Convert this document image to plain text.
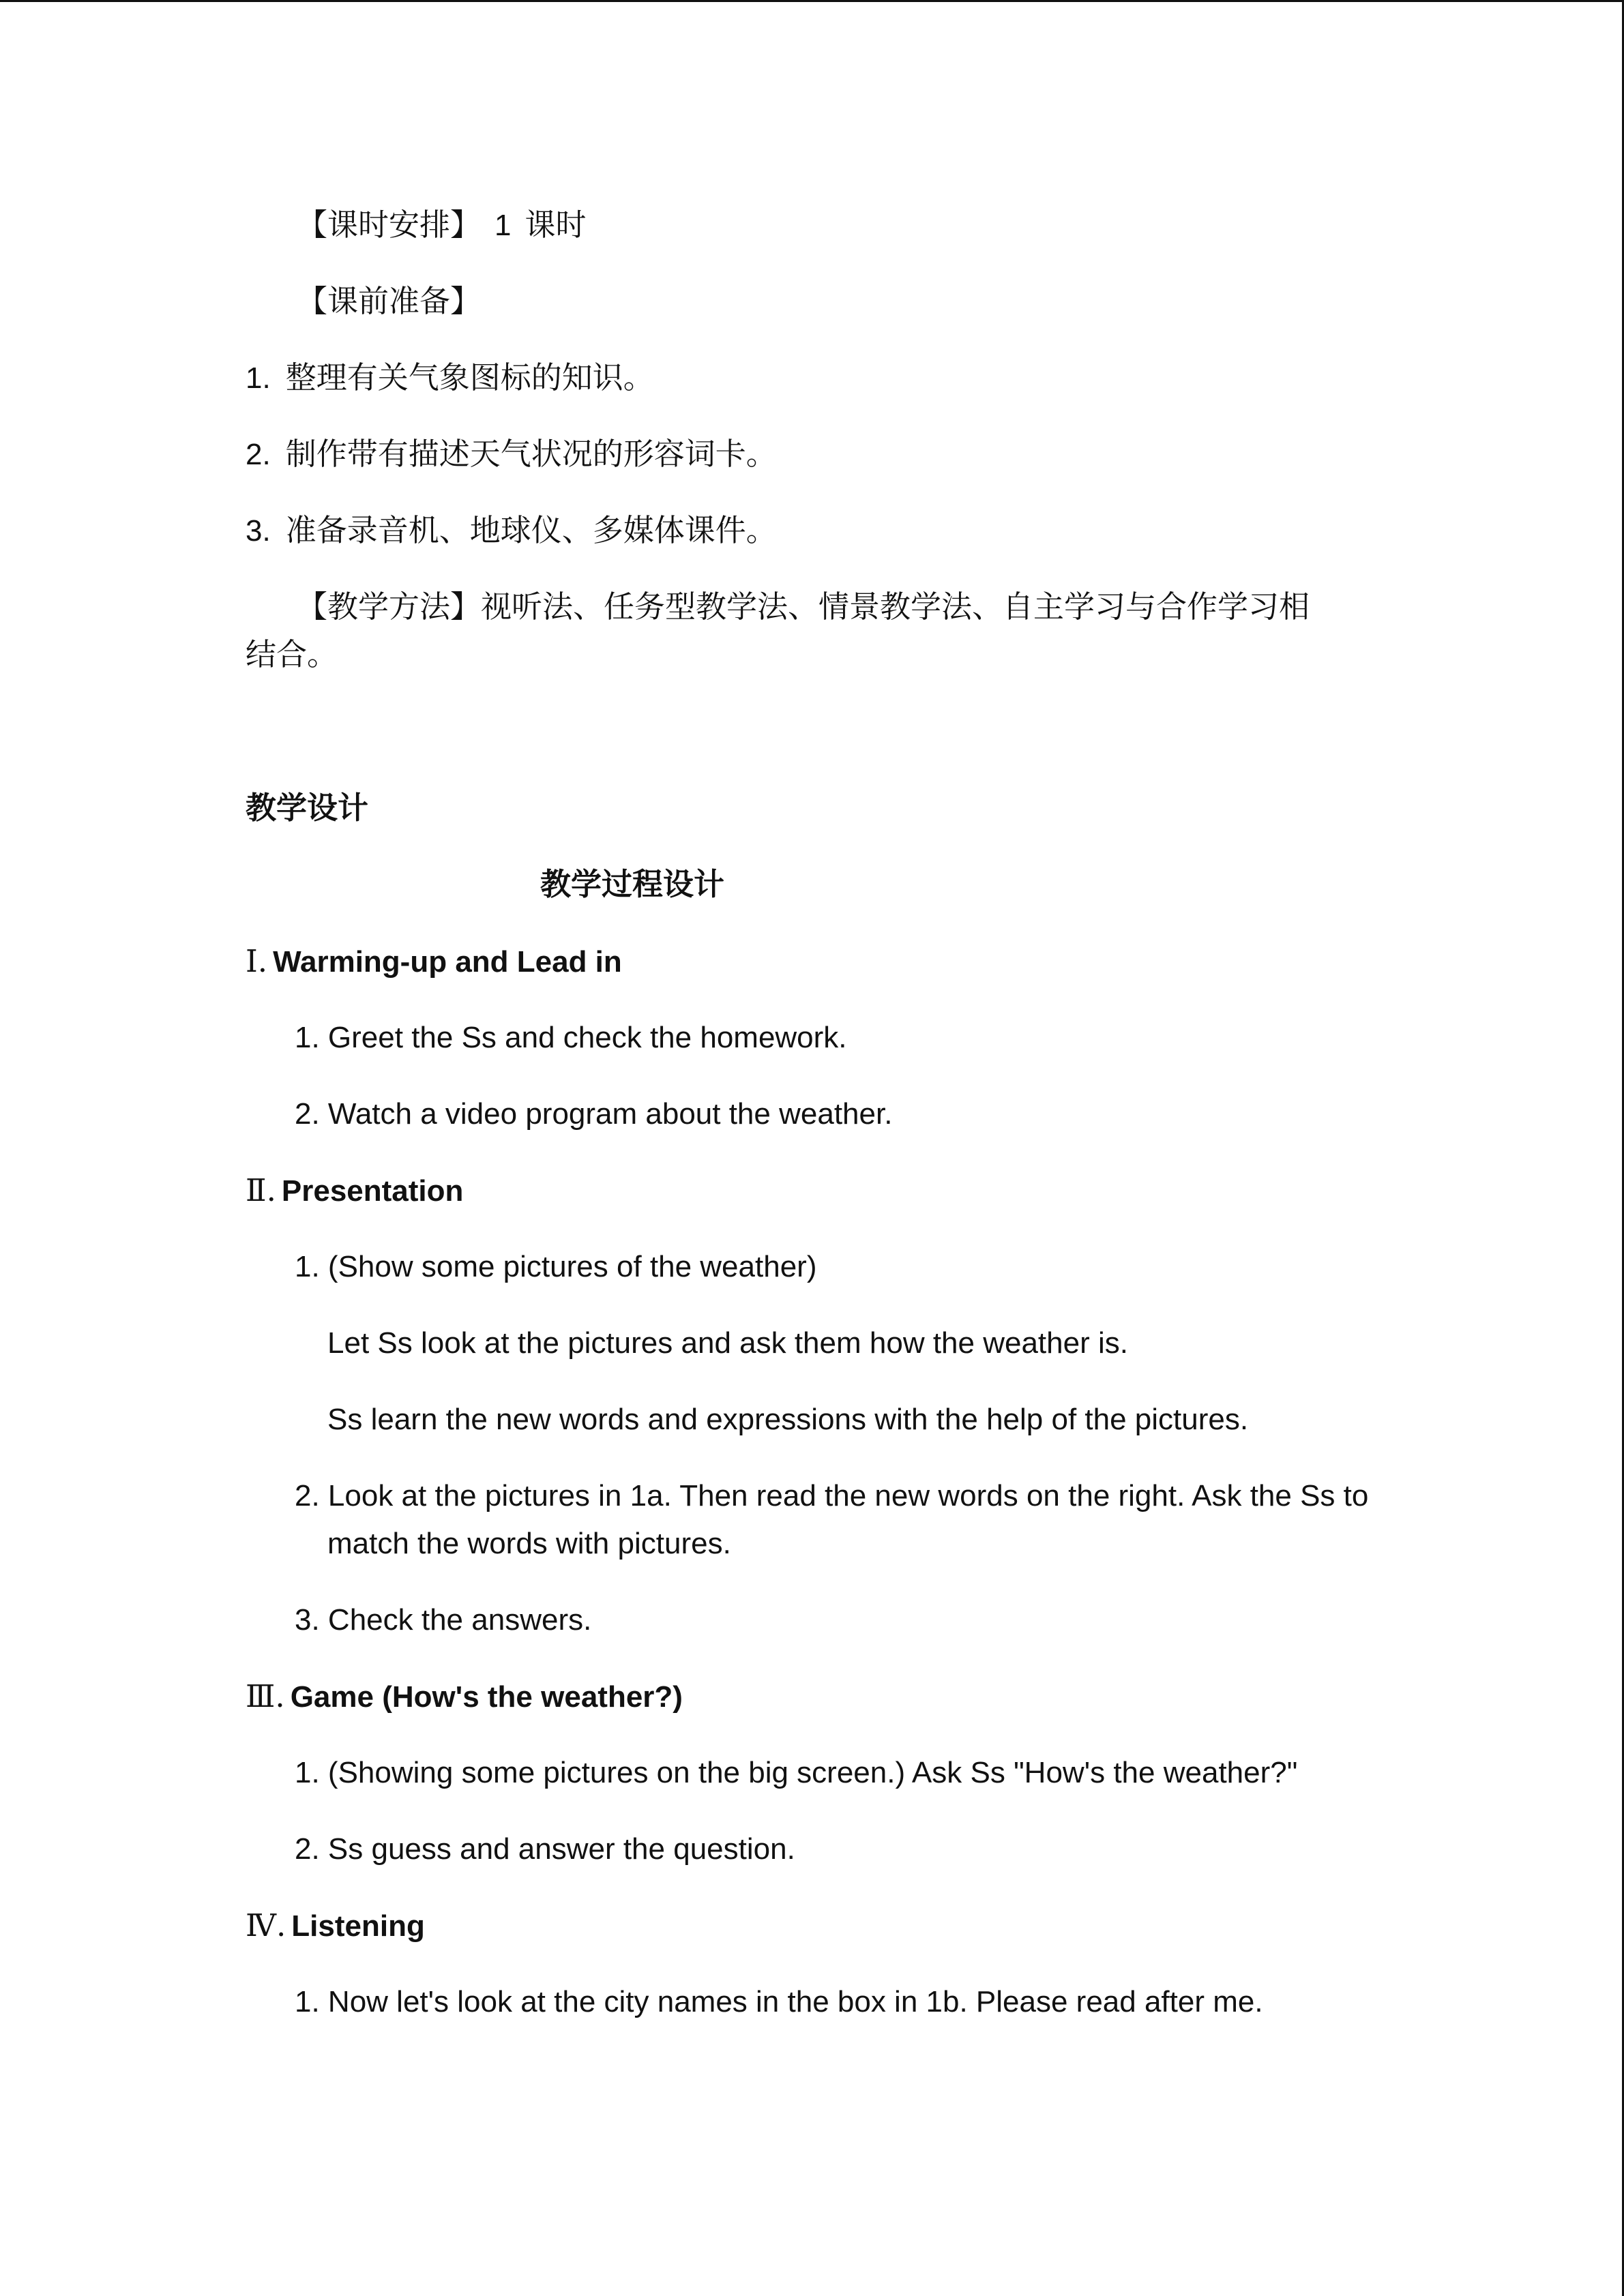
【课时安排】 1 课时
【课前准备】
1. 整理有关气象图标的知识。
2. 制作带有描述天气状况的形容词卡。
3. 准备录音机、地球仪、多媒体课件。
【教学方法】视听法、任务型教学法、情景教学法、自主学习与合作学习相
结合。
教学设计
教学过程设计
Ⅰ. Warming-up and Lead in
1. Greet the Ss and check the homework.
2. Watch a video program about the weather.
Ⅱ. Presentation
1. (Show some pictures of the weather)
Let Ss look at the pictures and ask them how the weather is.
Ss learn the new words and expressions with the help of the pictures.
2. Look at the pictures in 1a. Then read the new words on the right. Ask the Ss to
match the words with pictures.
3. Check the answers.
Ⅲ. Game (How's the weather?)
1. (Showing some pictures on the big screen.) Ask Ss "How's the weather?"
2. Ss guess and answer the question.
Ⅳ. Listening
1. Now let's look at the city names in the box in 1b. Please read after me.
